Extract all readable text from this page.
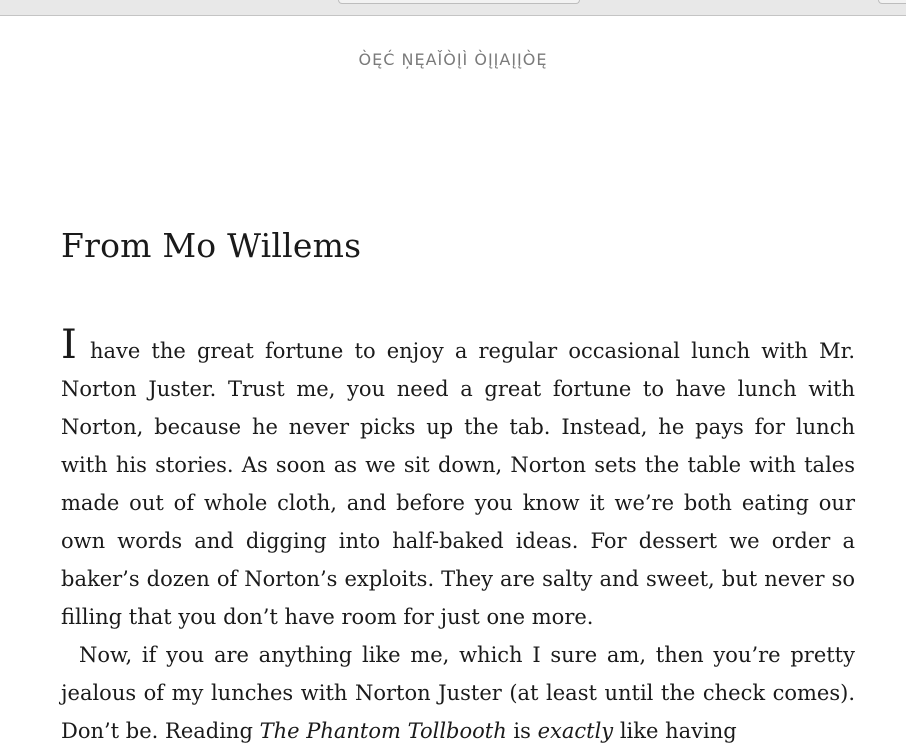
ÒĘĆ ŅĘAǏÒĮÌ ÒĮĮAĮĮÒĘ
From Mo Willems

I have the great fortune to enjoy a regular occasional lunch with Mr. Norton Juster. Trust me, you need a great fortune to have lunch with Norton, because he never picks up the tab. Instead, he pays for lunch with his stories. As soon as we sit down, Norton sets the table with tales made out of whole cloth, and before you know it we’re both eating our own words and digging into half-baked ideas. For dessert we order a baker’s dozen of Norton’s exploits. They are salty and sweet, but never so filling that you don’t have room for just one more.

Now, if you are anything like me, which I sure am, then you’re pretty jealous of my lunches with Norton Juster (at least until the check comes). Don’t be. Reading The Phantom Tollbooth is exactly like having
